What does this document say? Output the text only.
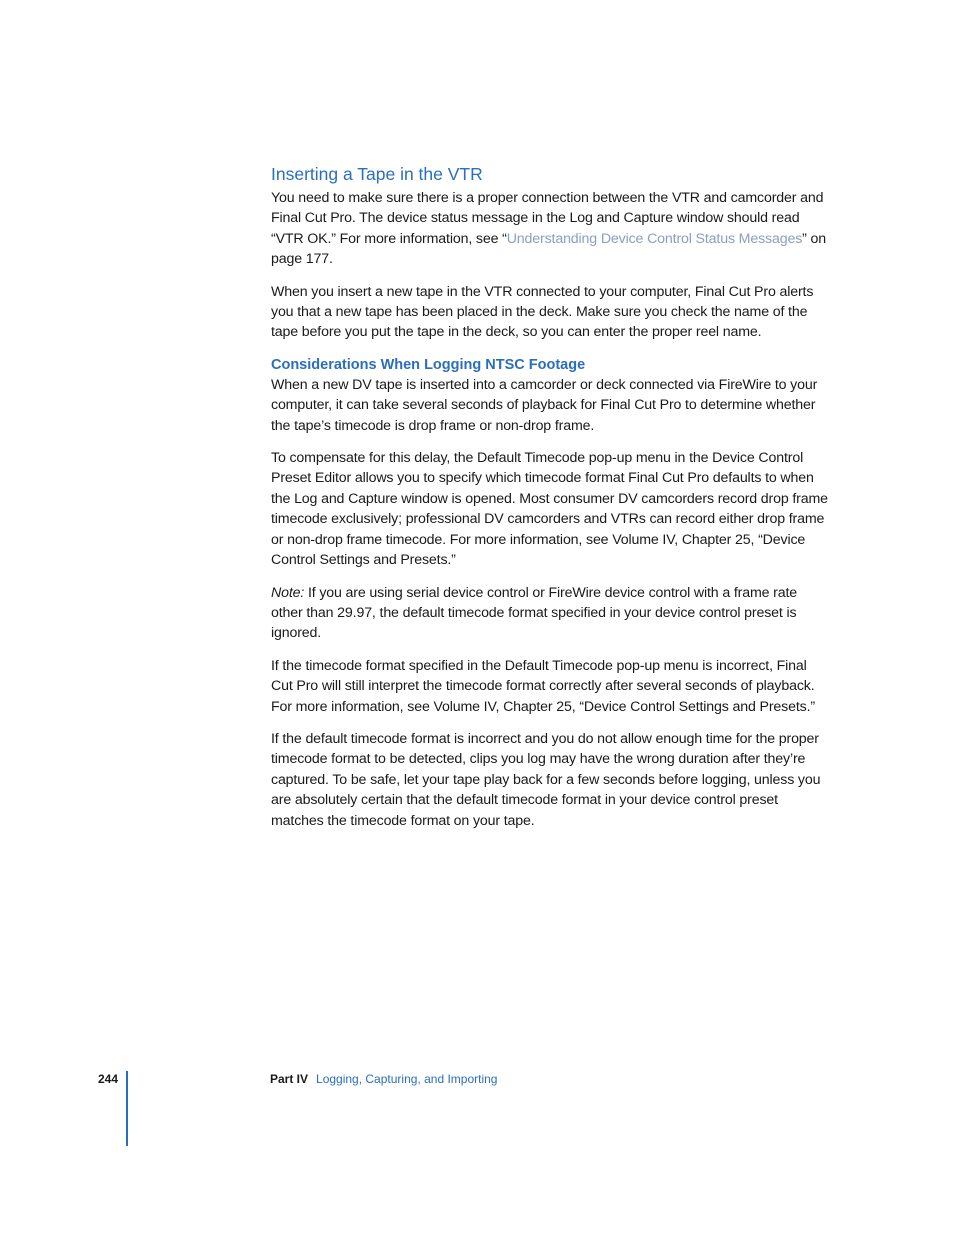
Inserting a Tape in the VTR

You need to make sure there is a proper connection between the VTR and camcorder and Final Cut Pro. The device status message in the Log and Capture window should read “VTR OK.” For more information, see “Understanding Device Control Status Messages” on page 177.

When you insert a new tape in the VTR connected to your computer, Final Cut Pro alerts you that a new tape has been placed in the deck. Make sure you check the name of the tape before you put the tape in the deck, so you can enter the proper reel name.

Considerations When Logging NTSC Footage

When a new DV tape is inserted into a camcorder or deck connected via FireWire to your computer, it can take several seconds of playback for Final Cut Pro to determine whether the tape’s timecode is drop frame or non-drop frame.

To compensate for this delay, the Default Timecode pop-up menu in the Device Control Preset Editor allows you to specify which timecode format Final Cut Pro defaults to when the Log and Capture window is opened. Most consumer DV camcorders record drop frame timecode exclusively; professional DV camcorders and VTRs can record either drop frame or non-drop frame timecode. For more information, see Volume IV, Chapter 25, “Device Control Settings and Presets.”

Note: If you are using serial device control or FireWire device control with a frame rate other than 29.97, the default timecode format specified in your device control preset is ignored.

If the timecode format specified in the Default Timecode pop-up menu is incorrect, Final Cut Pro will still interpret the timecode format correctly after several seconds of playback. For more information, see Volume IV, Chapter 25, “Device Control Settings and Presets.”

If the default timecode format is incorrect and you do not allow enough time for the proper timecode format to be detected, clips you log may have the wrong duration after they’re captured. To be safe, let your tape play back for a few seconds before logging, unless you are absolutely certain that the default timecode format in your device control preset matches the timecode format on your tape.

244	Part IV Logging, Capturing, and Importing
